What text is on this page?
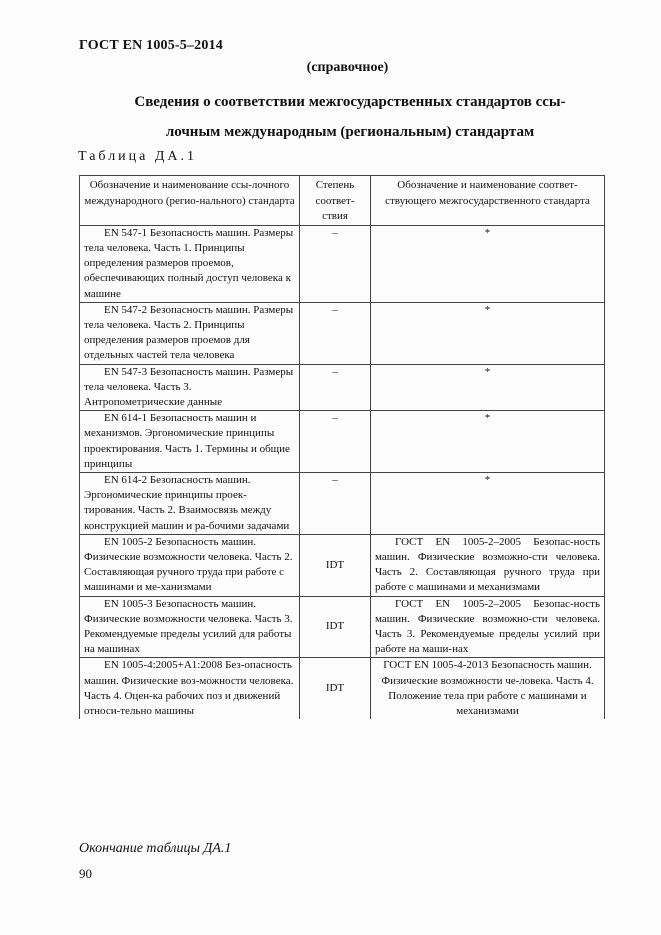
ГОСТ EN 1005-5–2014
(справочное)
Сведения о соответствии межгосударственных стандартов ссы-
лочным международным (региональным) стандартам
Таблица ДА.1
Обозначение и наименование ссы-лочного международного (регио-нального) стандарта	Степень соответ-ствия	Обозначение и наименование соответ-ствующего межгосударственного стандарта
EN 547-1 Безопасность машин. Размеры тела человека. Часть 1. Принципы определения размеров проемов, обеспечивающих полный доступ человека к машине	–	*
EN 547-2 Безопасность машин. Размеры тела человека. Часть 2. Принципы определения размеров проемов для отдельных частей тела человека	–	*
EN 547-3 Безопасность машин. Размеры тела человека. Часть 3. Антропометрические данные	–	*
EN 614-1 Безопасность машин и механизмов. Эргономические принципы проектирования. Часть 1. Термины и общие принципы	–	*
EN 614-2 Безопасность машин. Эргономические принципы проек-тирования. Часть 2. Взаимосвязь между конструкцией машин и ра-бочими задачами	–	*
EN 1005-2 Безопасность машин. Физические возможности человека. Часть 2. Составляющая ручного труда при работе с машинами и ме-ханизмами	IDT	ГОСТ EN 1005-2–2005 Безопас-ность машин. Физические возможно-сти человека. Часть 2. Составляющая ручного труда при работе с машинами и механизмами
EN 1005-3 Безопасность машин. Физические возможности человека. Часть 3. Рекомендуемые пределы усилий для работы на машинах	IDT	ГОСТ EN 1005-2–2005 Безопас-ность машин. Физические возможно-сти человека. Часть 3. Рекомендуемые пределы усилий при работе на маши-нах
EN 1005-4:2005+A1:2008 Без-опасность машин. Физические воз-можности человека. Часть 4. Оцен-ка рабочих поз и движений относи-тельно машины	IDT	ГОСТ EN 1005-4-2013 Безопасность машин. Физические возможности че-ловека. Часть 4. Положение тела при работе с машинами и механизмами
Окончание таблицы ДА.1
90
